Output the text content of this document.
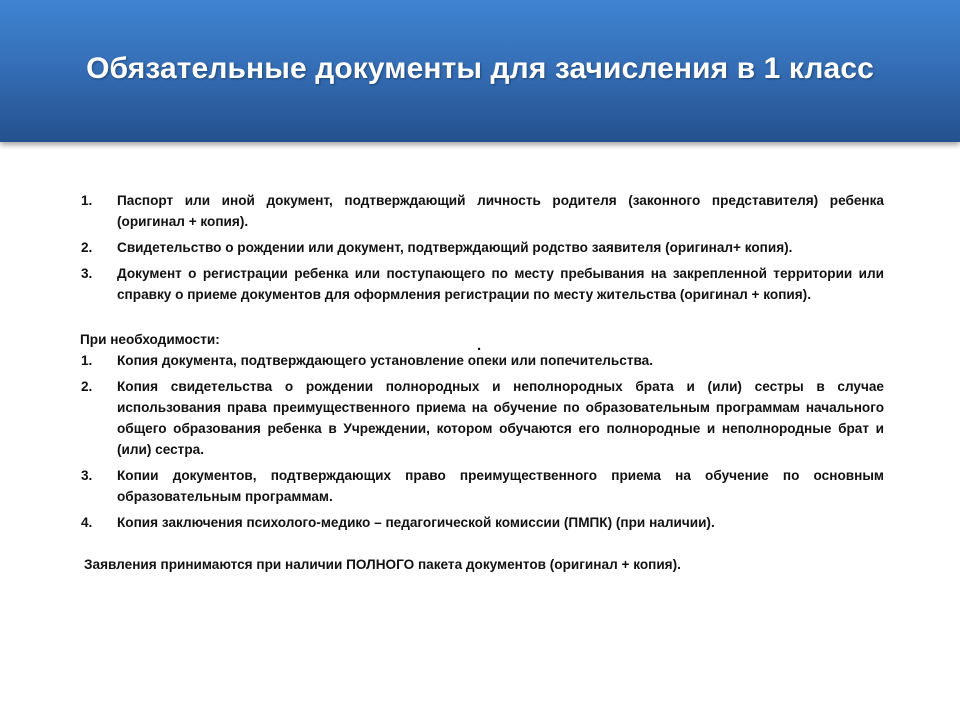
Обязательные документы для зачисления в 1 класс
1. Паспорт или иной документ, подтверждающий личность родителя (законного представителя) ребенка (оригинал + копия).
2. Свидетельство о рождении или документ, подтверждающий родство заявителя (оригинал+ копия).
3. Документ о регистрации ребенка или поступающего по месту пребывания на закрепленной территории или справку о приеме документов для оформления регистрации по месту жительства (оригинал + копия).
При необходимости:	.
1. Копия документа, подтверждающего установление опеки или попечительства.
2. Копия свидетельства о рождении полнородных и неполнородных брата и (или) сестры в случае использования права преимущественного приема на обучение по образовательным программам начального общего образования ребенка в Учреждении, котором обучаются его полнородные и неполнородные брат и (или) сестра.
3. Копии документов, подтверждающих право преимущественного приема на обучение по основным образовательным программам.
4. Копия заключения психолого-медико – педагогической комиссии (ПМПК) (при наличии).
Заявления принимаются при наличии ПОЛНОГО пакета документов (оригинал + копия).
